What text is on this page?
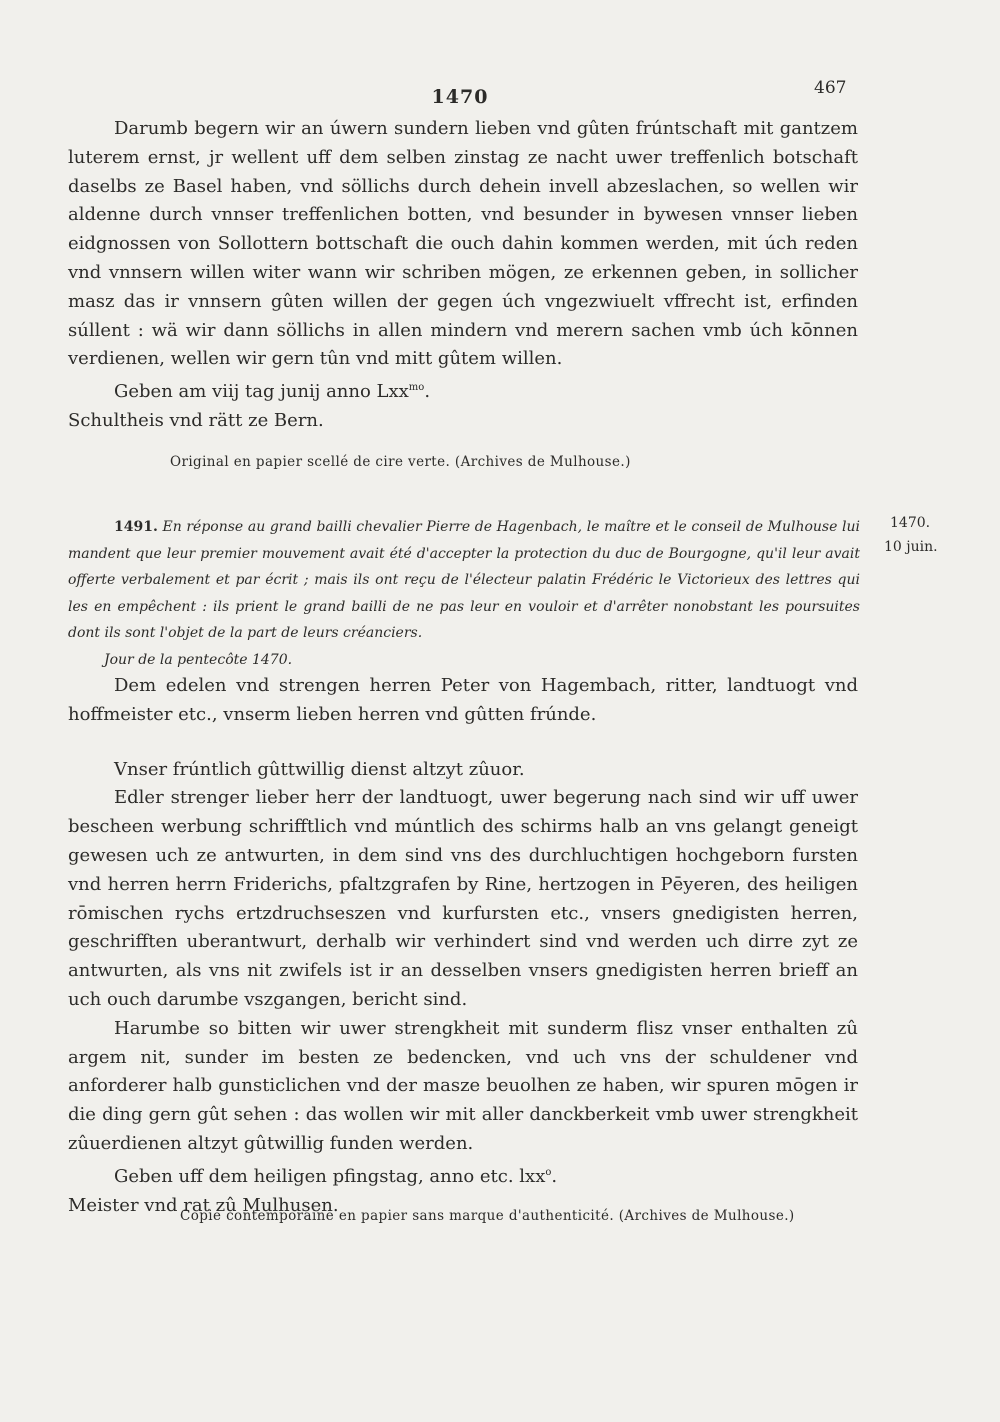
1470	467

Darumb begern wir an úwern sundern lieben vnd gûten frúntschaft mit gantzem luterem ernst, jr wellent uff dem selben zinstag ze nacht uwer treffenlich botschaft daselbs ze Basel haben, vnd söllichs durch dehein invell abzeslachen, so wellen wir aldenne durch vnnser treffenlichen botten, vnd besunder in bywesen vnnser lieben eidgnossen von Sollottern bottschaft die ouch dahin kommen werden, mit úch reden vnd vnnsern willen witer wann wir schriben mögen, ze erkennen geben, in sollicher masz das ir vnnsern gûten willen der gegen úch vngezwiuelt vffrecht ist, erfinden súllent : wä wir dann söllichs in allen mindern vnd merern sachen vmb úch kōnnen verdienen, wellen wir gern tûn vnd mitt gûtem willen.

Geben am viij tag junij anno Lxx$^{mo}$.

Schultheis vnd rätt ze Bern.

Original en papier scellé de cire verte. (Archives de Mulhouse.)

1491. En réponse au grand bailli chevalier Pierre de Hagenbach, le maître et le conseil de Mulhouse lui mandent que leur premier mouvement avait été d'accepter la protection du duc de Bourgogne, qu'il leur avait offerte verbalement et par écrit ; mais ils ont reçu de l'électeur palatin Frédéric le Victorieux des lettres qui les en empêchent : ils prient le grand bailli de ne pas leur en vouloir et d'arrêter nonobstant les poursuites dont ils sont l'objet de la part de leurs créanciers.

Jour de la pentecôte 1470.

1470.
10 juin.

Dem edelen vnd strengen herren Peter von Hagembach, ritter, landtuogt vnd hoffmeister etc., vnserm lieben herren vnd gûtten frúnde.

Vnser frúntlich gûttwillig dienst altzyt zûuor.

Edler strenger lieber herr der landtuogt, uwer begerung nach sind wir uff uwer bescheen werbung schrifftlich vnd múntlich des schirms halb an vns gelangt geneigt gewesen uch ze antwurten, in dem sind vns des durchluchtigen hochgeborn fursten vnd herren herrn Friderichs, pfaltzgrafen by Rine, hertzogen in Pēyeren, des heiligen rōmischen rychs ertzdruchseszen vnd kurfursten etc., vnsers gnedigisten herren, geschrifften uberantwurt, derhalb wir verhindert sind vnd werden uch dirre zyt ze antwurten, als vns nit zwifels ist ir an desselben vnsers gnedigisten herren brieff an uch ouch darumbe vszgangen, bericht sind.

Harumbe so bitten wir uwer strengkheit mit sunderm flisz vnser enthalten zû argem nit, sunder im besten ze bedencken, vnd uch vns der schuldener vnd anforderer halb gunsticlichen vnd der masze beuolhen ze haben, wir spuren mōgen ir die ding gern gût sehen : das wollen wir mit aller danckberkeit vmb uwer strengkheit zûuerdienen altzyt gûtwillig funden werden.

Geben uff dem heiligen pfingstag, anno etc. lxx$^o$.

Meister vnd rat zû Mulhusen.

Copie contemporaine en papier sans marque d'authenticité. (Archives de Mulhouse.)
